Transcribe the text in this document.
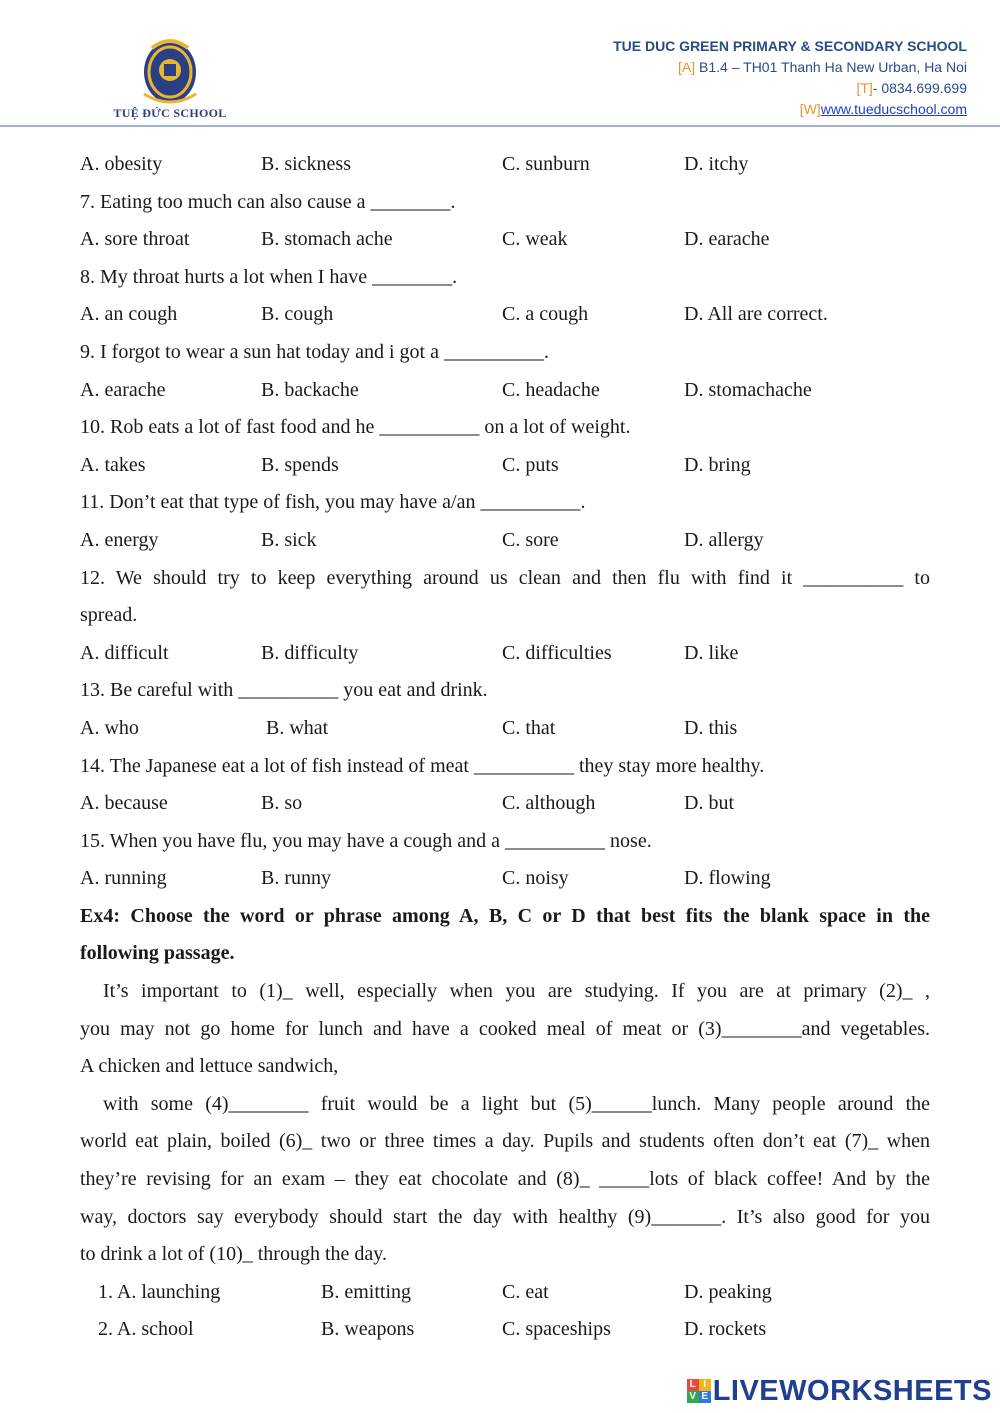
TUỆ ĐỨC SCHOOL
TUE DUC GREEN PRIMARY & SECONDARY SCHOOL
[A] B1.4 – TH01 Thanh Ha New Urban, Ha Noi
[T]- 0834.699.699
[W]www.tueducschool.com
A. obesity	B. sickness	C. sunburn	D. itchy
7. Eating too much can also cause a ________.
A. sore throat	B. stomach ache	C. weak	D. earache
8. My throat hurts a lot when I have ________.
A. an cough	B. cough	C. a cough	D. All are correct.
9. I forgot to wear a sun hat today and i got a __________.
A. earache	B. backache	C. headache	D. stomachache
10. Rob eats a lot of fast food and he __________ on a lot of weight.
A. takes	B. spends	C. puts	D. bring
11. Don’t eat that type of fish, you may have a/an __________.
A. energy	B. sick	C. sore	D. allergy
12. We should try to keep everything around us clean and then flu with find it __________ to
spread.
A. difficult	B. difficulty	C. difficulties	D. like
13. Be careful with __________ you eat and drink.
A. who	B. what	C. that	D. this
14. The Japanese eat a lot of fish instead of meat __________ they stay more healthy.
A. because	B. so	C. although	D. but
15. When you have flu, you may have a cough and a __________ nose.
A. running	B. runny	C. noisy	D. flowing
Ex4: Choose the word or phrase among A, B, C or D that best fits the blank space in the
following passage.
It’s important to (1)_ well, especially when you are studying. If you are at primary (2)_ ,
you may not go home for lunch and have a cooked meal of meat or (3)________and vegetables.
A chicken and lettuce sandwich,
with some (4)________ fruit would be a light but (5)______lunch. Many people around the
world eat plain, boiled (6)_ two or three times a day. Pupils and students often don’t eat (7)_ when
they’re revising for an exam – they eat chocolate and (8)_ _____lots of black coffee! And by the
way, doctors say everybody should start the day with healthy (9)_______. It’s also good for you
to drink a lot of (10)_ through the day.
1. A. launching	B. emitting	C. eat	D. peaking
2. A. school	B. weapons	C. spaceships	D. rockets
L I
V E LIVEWORKSHEETS
